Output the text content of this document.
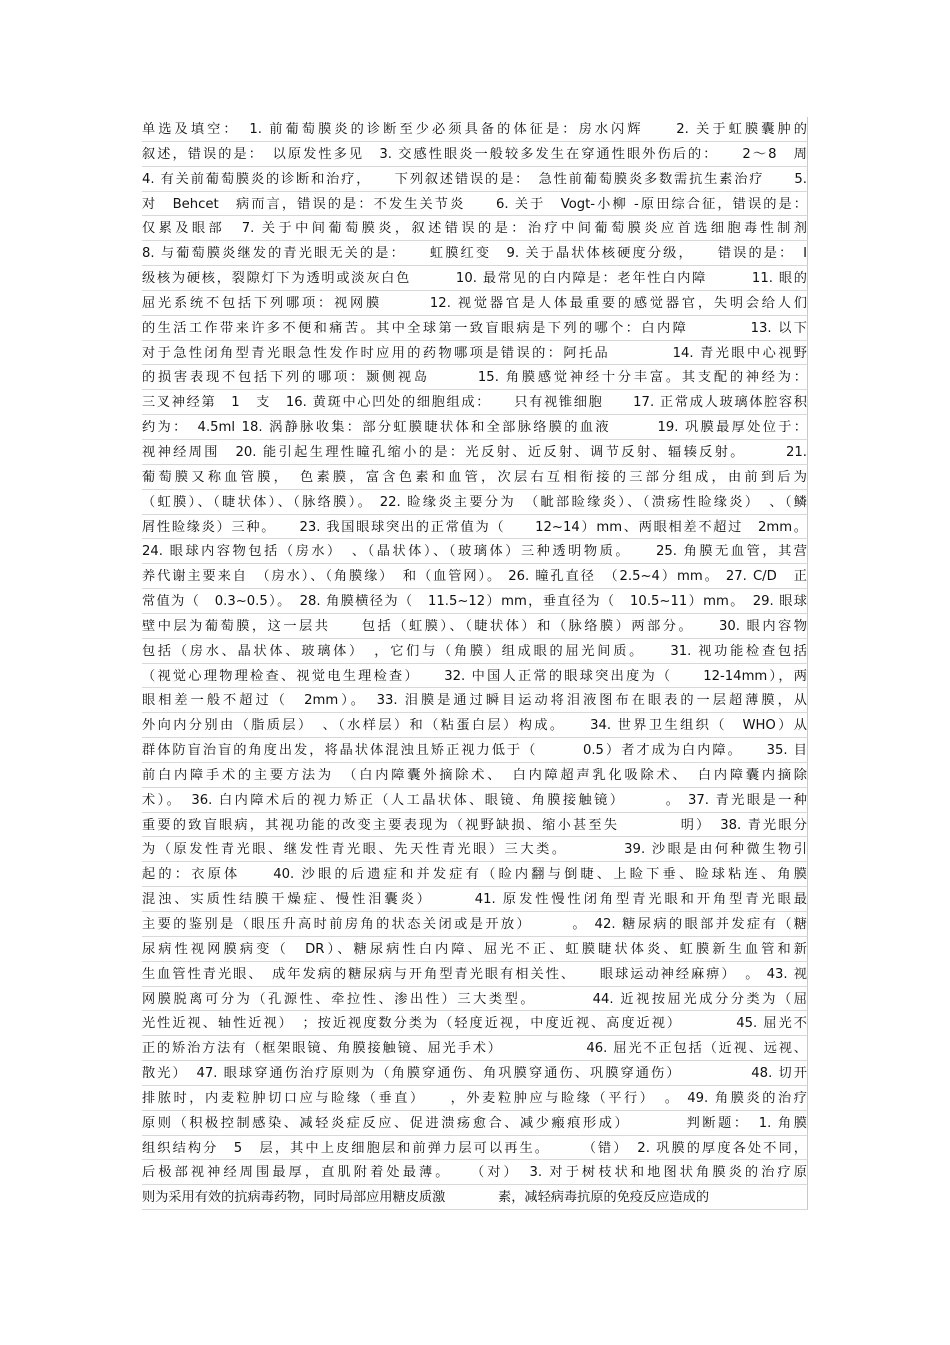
单选及填空：　1. 前葡萄膜炎的诊断至少必须具备的体征是：房水闪辉　　2. 关于虹膜囊肿的
叙述，错误的是：　以原发性多见　3. 交感性眼炎一般较多发生在穿通性眼外伤后的：　　2～8　周
4. 有关前葡萄膜炎的诊断和治疗，　　下列叙述错误的是：　急性前葡萄膜炎多数需抗生素治疗　　5.
对　Behcet　病而言，错误的是：不发生关节炎　　6. 关于　Vogt-小柳 -原田综合征，错误的是：
仅累及眼部　7. 关于中间葡萄膜炎，叙述错误的是：治疗中间葡萄膜炎应首选细胞毒性制剂
8. 与葡萄膜炎继发的青光眼无关的是：　　虹膜红变　9. 关于晶状体核硬度分级，　　错误的是：　I
级核为硬核，裂隙灯下为透明或淡灰白色　　　10. 最常见的白内障是：老年性白内障　　　11. 眼的
屈光系统不包括下列哪项：视网膜　　　12. 视觉器官是人体最重要的感觉器官，失明会给人们
的生活工作带来许多不便和痛苦。其中全球第一致盲眼病是下列的哪个：白内障　　　　13. 以下
对于急性闭角型青光眼急性发作时应用的药物哪项是错误的：阿托品　　　　14. 青光眼中心视野
的损害表现不包括下列的哪项：颞侧视岛　　　15. 角膜感觉神经十分丰富。其支配的神经为：
三叉神经第　1　支　16. 黄斑中心凹处的细胞组成：　　只有视锥细胞　　17. 正常成人玻璃体腔容积
约为：　4.5ml 18. 涡静脉收集：部分虹膜睫状体和全部脉络膜的血液　　　19. 巩膜最厚处位于：
视神经周围　20. 能引起生理性瞳孔缩小的是：光反射、近反射、调节反射、辐辏反射。　　　21.
葡萄膜又称血管膜，　色素膜，富含色素和血管，次层右互相衔接的三部分组成，由前到后为
（虹膜）、（睫状体）、（脉络膜）。 22. 睑缘炎主要分为　（眦部睑缘炎）、（溃疡性睑缘炎）　、（鳞
屑性睑缘炎）三种。　　23. 我国眼球突出的正常值为（　　12~14）mm、两眼相差不超过　2mm。
24. 眼球内容物包括（房水）　、（晶状体）、（玻璃体）三种透明物质。　　25. 角膜无血管，其营
养代谢主要来自　（房水）、（角膜缘）　和（血管网）。 26. 瞳孔直径　（2.5~4）mm。 27. C/D　正
常值为（　0.3~0.5）。　28. 角膜横径为（　11.5~12）mm，垂直径为（　10.5~11）mm。　29. 眼球
壁中层为葡萄膜，这一层共　　包括（虹膜）、（睫状体）和（脉络膜）两部分。　　30. 眼内容物
包括（房水、晶状体、玻璃体）　，它们与（角膜）组成眼的屈光间质。　　31. 视功能检查包括
（视觉心理物理检查、视觉电生理检查）　　32. 中国人正常的眼球突出度为（　　12-14mm），两
眼相差一般不超过（　2mm）。　33. 泪膜是通过瞬目运动将泪液图布在眼表的一层超薄膜，从
外向内分别由（脂质层）　、（水样层）和（粘蛋白层）构成。　　34. 世界卫生组织（　WHO）从
群体防盲治盲的角度出发，将晶状体混浊且矫正视力低于（　　　0.5）者才成为白内障。　　35. 目
前白内障手术的主要方法为　（白内障囊外摘除术、　白内障超声乳化吸除术、　白内障囊内摘除
术）。　36. 白内障术后的视力矫正（人工晶状体、眼镜、角膜接触镜）　　　。 37. 青光眼是一种
重要的致盲眼病，其视功能的改变主要表现为（视野缺损、缩小甚至失　　　　明）　38. 青光眼分
为（原发性青光眼、继发性青光眼、先天性青光眼）三大类。　　　　39. 沙眼是由何种微生物引
起的：衣原体　　40. 沙眼的后遗症和并发症有（睑内翻与倒睫、上睑下垂、睑球粘连、角膜
混浊、实质性结膜干燥症、慢性泪囊炎）　　　41. 原发性慢性闭角型青光眼和开角型青光眼最
主要的鉴别是（眼压升高时前房角的状态关闭或是开放）　　　。 42. 糖尿病的眼部并发症有（糖
尿病性视网膜病变（　DR）、糖尿病性白内障、屈光不正、虹膜睫状体炎、虹膜新生血管和新
生血管性青光眼、　成年发病的糖尿病与开角型青光眼有相关性、　　眼球运动神经麻痹）　。 43. 视
网膜脱离可分为（孔源性、牵拉性、渗出性）三大类型。　　　　44. 近视按屈光成分分类为（屈
光性近视、轴性近视）　；按近视度数分类为（轻度近视，中度近视、高度近视）　　　　45. 屈光不
正的矫治方法有（框架眼镜、角膜接触镜、屈光手术）　　　　　　46. 屈光不正包括（近视、远视、
散光）　47. 眼球穿通伤治疗原则为（角膜穿通伤、角巩膜穿通伤、巩膜穿通伤）　　　　　48. 切开
排脓时，内麦粒肿切口应与睑缘（垂直）　　，外麦粒肿应与睑缘（平行）　。 49. 角膜炎的治疗
原则（积极控制感染、减轻炎症反应、促进溃疡愈合、减少瘢痕形成）　　　　判断题：　1. 角膜
组织结构分　5　层，其中上皮细胞层和前弹力层可以再生。　　　（错）　2. 巩膜的厚度各处不同，
后极部视神经周围最厚，直肌附着处最薄。　　（对）　3. 对于树枝状和地图状角膜炎的治疗原
则为采用有效的抗病毒药物，同时局部应用糖皮质激　　　　素，减轻病毒抗原的免疫反应造成的
